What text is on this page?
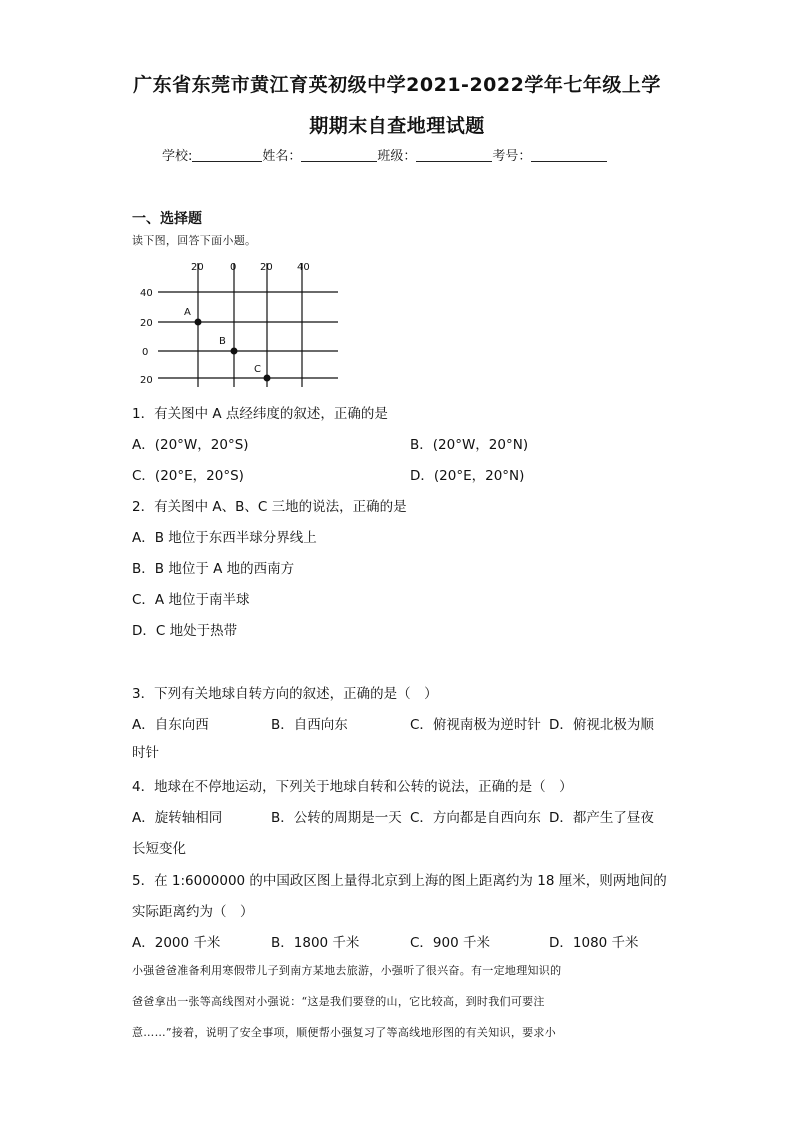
广东省东莞市黄江育英初级中学2021-2022学年七年级上学
期期末自查地理试题
学校:	姓名：	班级：	考号：
一、选择题
读下图，回答下面小题。
20	0 20 40
40
20
0
20
A
B
C
1．有关图中 A 点经纬度的叙述，正确的是
A．(20°W，20°S)	B．(20°W，20°N)
C．(20°E，20°S)	D．(20°E，20°N)
2．有关图中 A、B、C 三地的说法，正确的是
A．B 地位于东西半球分界线上
B．B 地位于 A 地的西南方
C．A 地位于南半球
D．C 地处于热带
3．下列有关地球自转方向的叙述，正确的是（　）
A．自东向西	B．自西向东	C．俯视南极为逆时针 D．俯视北极为顺
时针
4．地球在不停地运动，下列关于地球自转和公转的说法，正确的是（　）
A．旋转轴相同	B．公转的周期是一天 C．方向都是自西向东 D．都产生了昼夜
长短变化
5．在 1:6000000 的中国政区图上量得北京到上海的图上距离约为 18 厘米，则两地间的
实际距离约为（　）
A．2000 千米	B．1800 千米	C．900 千米	D．1080 千米
小强爸爸准备利用寒假带儿子到南方某地去旅游，小强听了很兴奋。有一定地理知识的
爸爸拿出一张等高线图对小强说：“这是我们要登的山，它比较高，到时我们可要注
意……”接着，说明了安全事项，顺便帮小强复习了等高线地形图的有关知识，要求小
